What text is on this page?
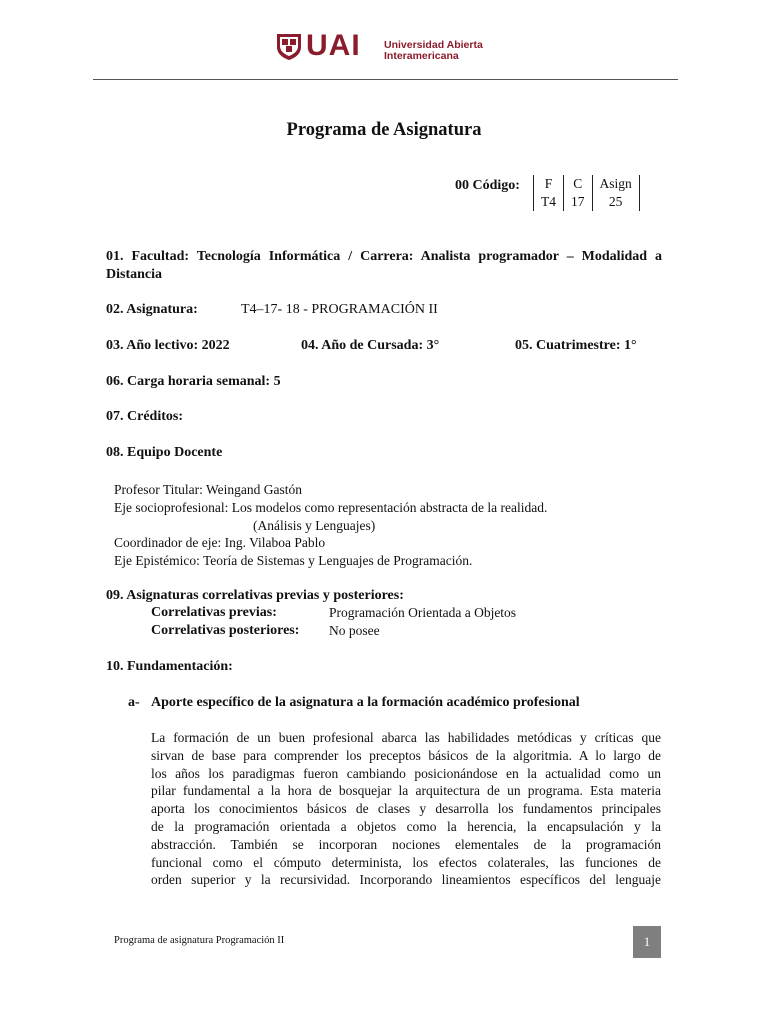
UAI Universidad Abierta
Interamericana
Programa de Asignatura
00 Código: F	C	Asign
T4	17	25
01. Facultad: Tecnología Informática / Carrera: Analista programador – Modalidad a
Distancia
02. Asignatura:	T4–17- 18 - PROGRAMACIÓN II
03. Año lectivo: 2022	04. Año de Cursada: 3°	05. Cuatrimestre: 1°
06. Carga horaria semanal: 5
07. Créditos:
08. Equipo Docente
Profesor Titular: Weingand Gastón
Eje socioprofesional: Los modelos como representación abstracta de la realidad.
(Análisis y Lenguajes)
Coordinador de eje: Ing. Vilaboa Pablo
Eje Epistémico: Teoría de Sistemas y Lenguajes de Programación.
09. Asignaturas correlativas previas y posteriores:
Correlativas previas:	Programación Orientada a Objetos
Correlativas posteriores: No posee
10. Fundamentación:
a- Aporte específico de la asignatura a la formación académico profesional
La formación de un buen profesional abarca las habilidades metódicas y críticas que
sirvan de base para comprender los preceptos básicos de la algoritmia. A lo largo de
los años los paradigmas fueron cambiando posicionándose en la actualidad como un
pilar fundamental a la hora de bosquejar la arquitectura de un programa. Esta materia
aporta los conocimientos básicos de clases y desarrolla los fundamentos principales
de la programación orientada a objetos como la herencia, la encapsulación y la
abstracción. También se incorporan nociones elementales de la programación
funcional como el cómputo determinista, los efectos colaterales, las funciones de
orden superior y la recursividad. Incorporando lineamientos específicos del lenguaje
Programa de asignatura Programación II	1
